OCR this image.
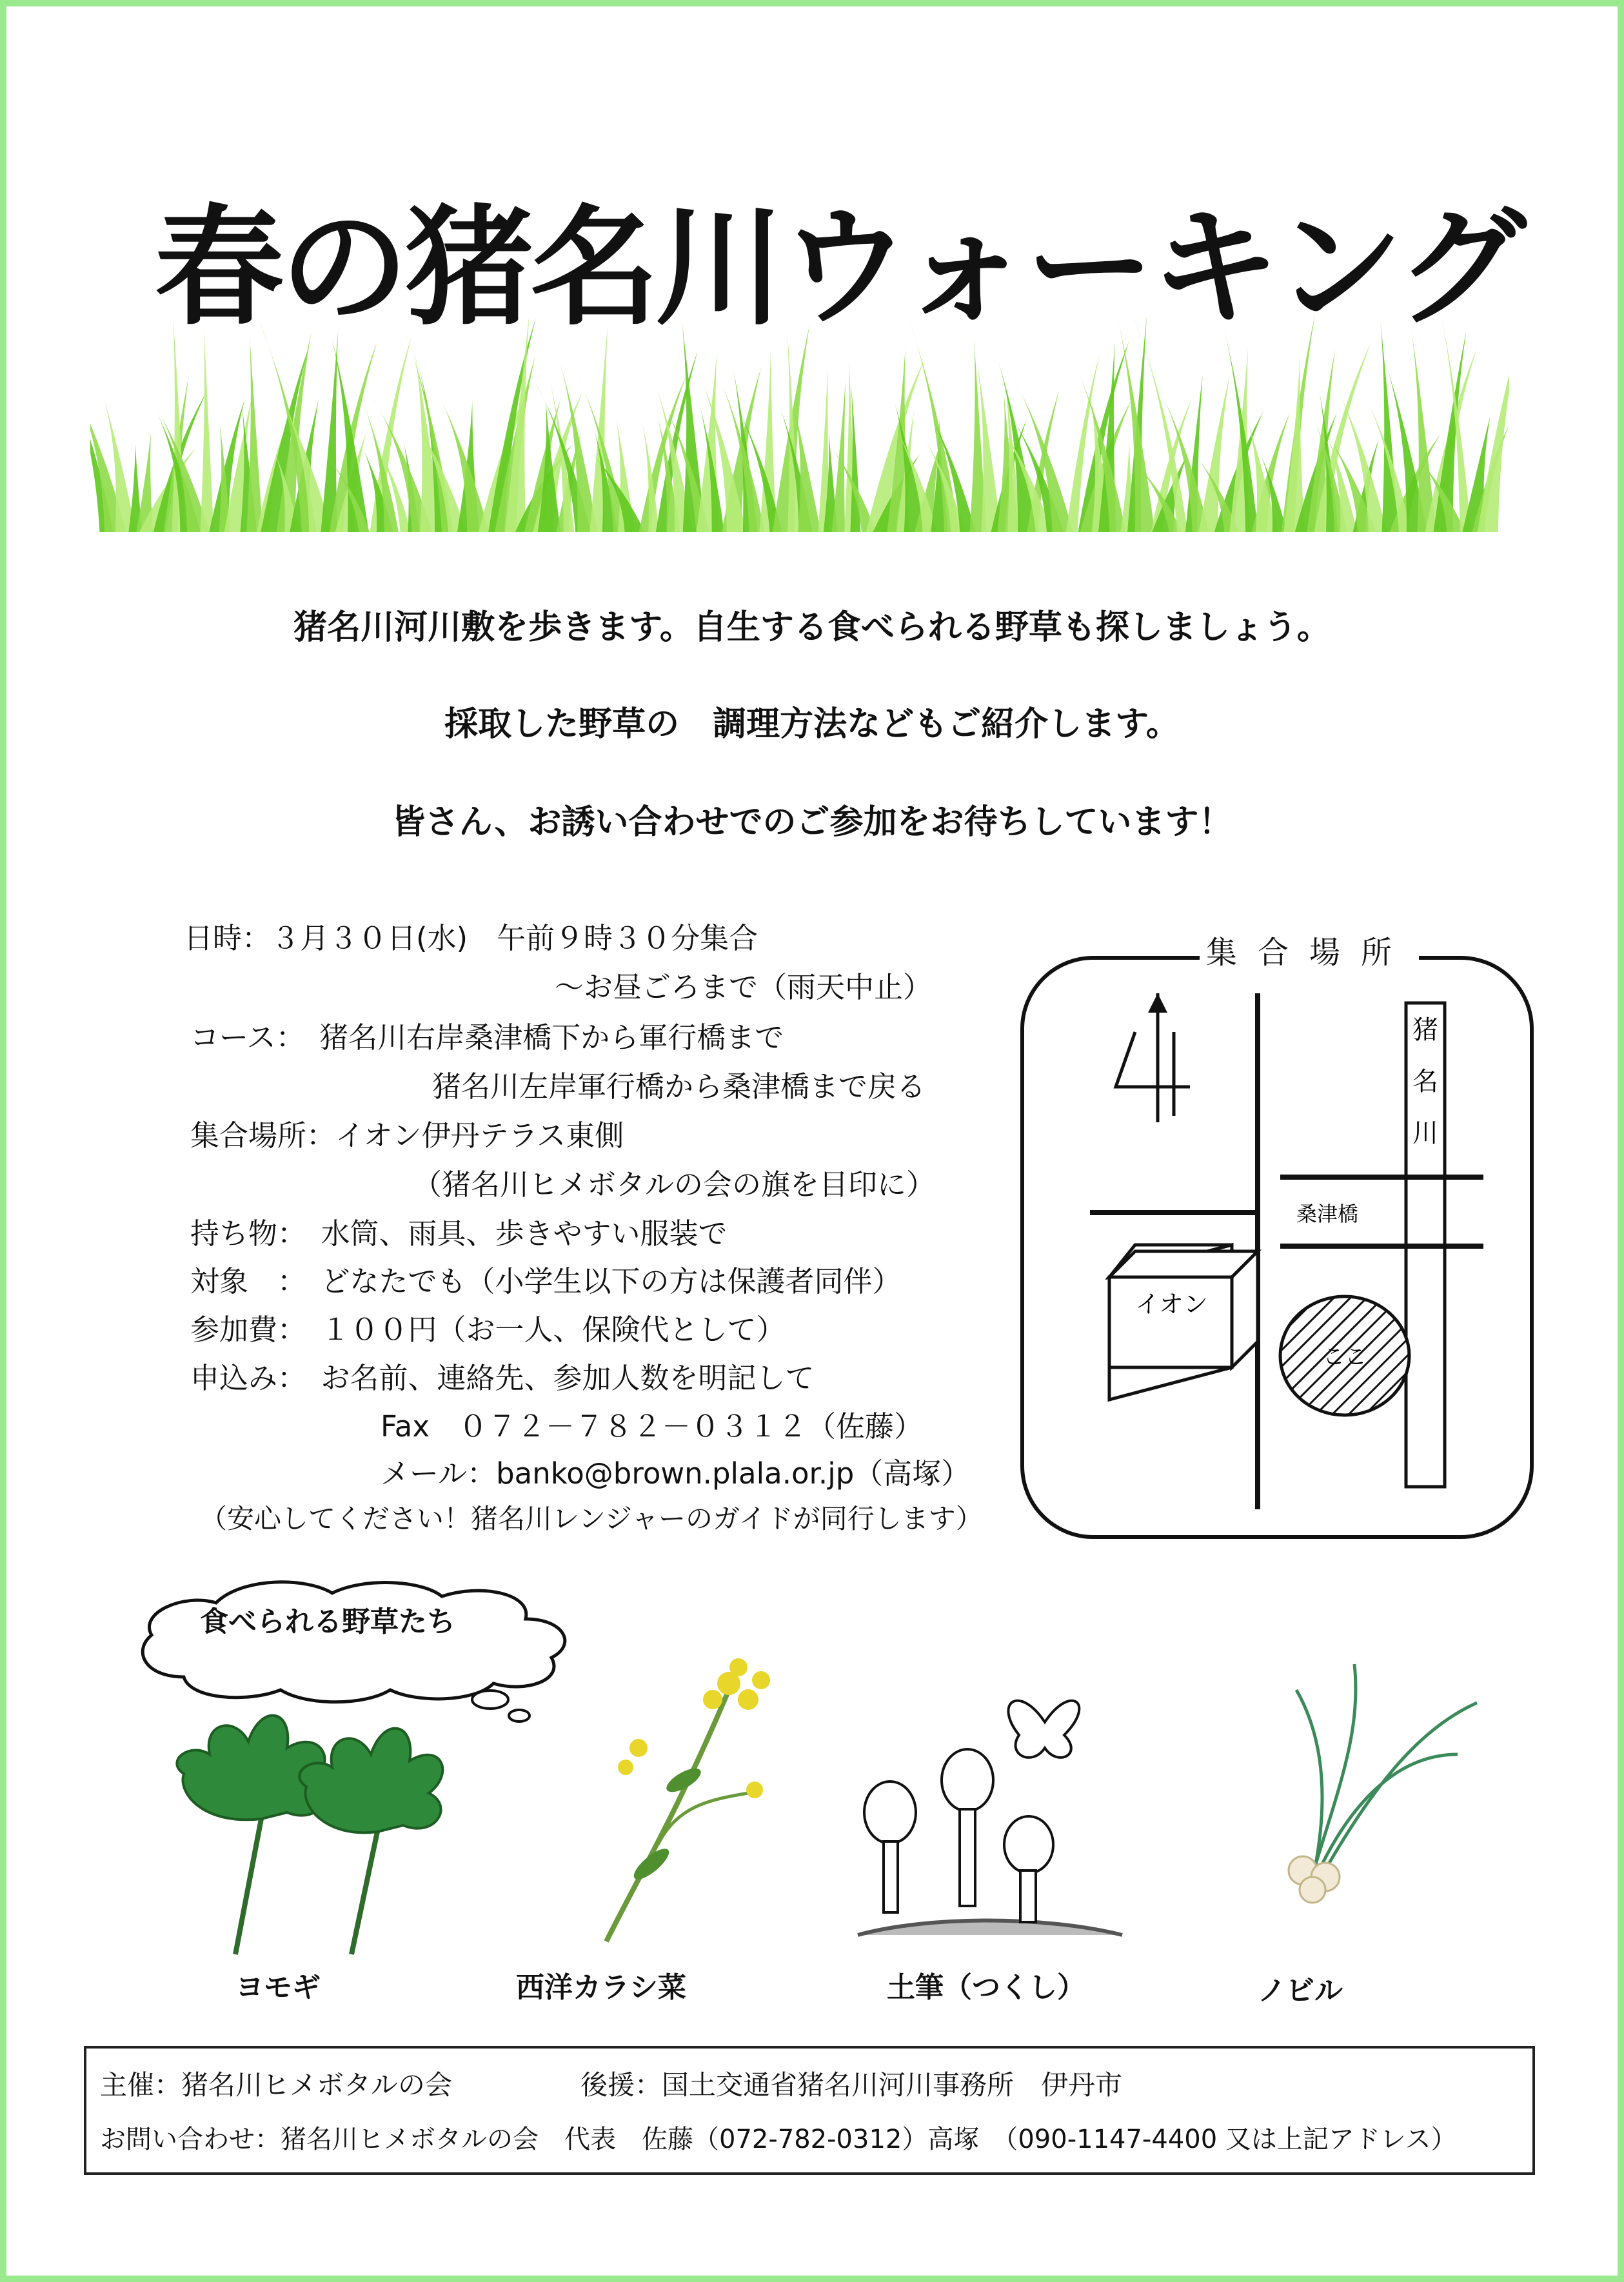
春の猪名川ウォーキング
猪名川河川敷を歩きます。自生する食べられる野草も探しましょう。
採取した野草の　調理方法などもご紹介します。
皆さん、お誘い合わせでのご参加をお待ちしています！
日時：３月３０日(水)　午前９時３０分集合
～お昼ごろまで（雨天中止）
コース：　猪名川右岸桑津橋下から軍行橋まで
猪名川左岸軍行橋から桑津橋まで戻る
集合場所：イオン伊丹テラス東側
（猪名川ヒメボタルの会の旗を目印に）
持ち物：　水筒、雨具、歩きやすい服装で
対象　：　どなたでも（小学生以下の方は保護者同伴）
参加費：　１００円（お一人、保険代として）
申込み：　お名前、連絡先、参加人数を明記して
Fax　０７２－７８２－０３１２（佐藤）
メール：banko@brown.plala.or.jp（高塚）
（安心してください！猪名川レンジャーのガイドが同行します）
猪
名
川
桑津橋
イオン
ここ
集合場所
食べられる野草たち
ヨモギ	西洋カラシ菜	土筆（つくし）	ノビル
主催：猪名川ヒメボタルの会	後援：国土交通省猪名川河川事務所　伊丹市
お問い合わせ：猪名川ヒメボタルの会　代表　佐藤（072-782-0312）高塚　（090-1147-4400 又は上記アドレス）
